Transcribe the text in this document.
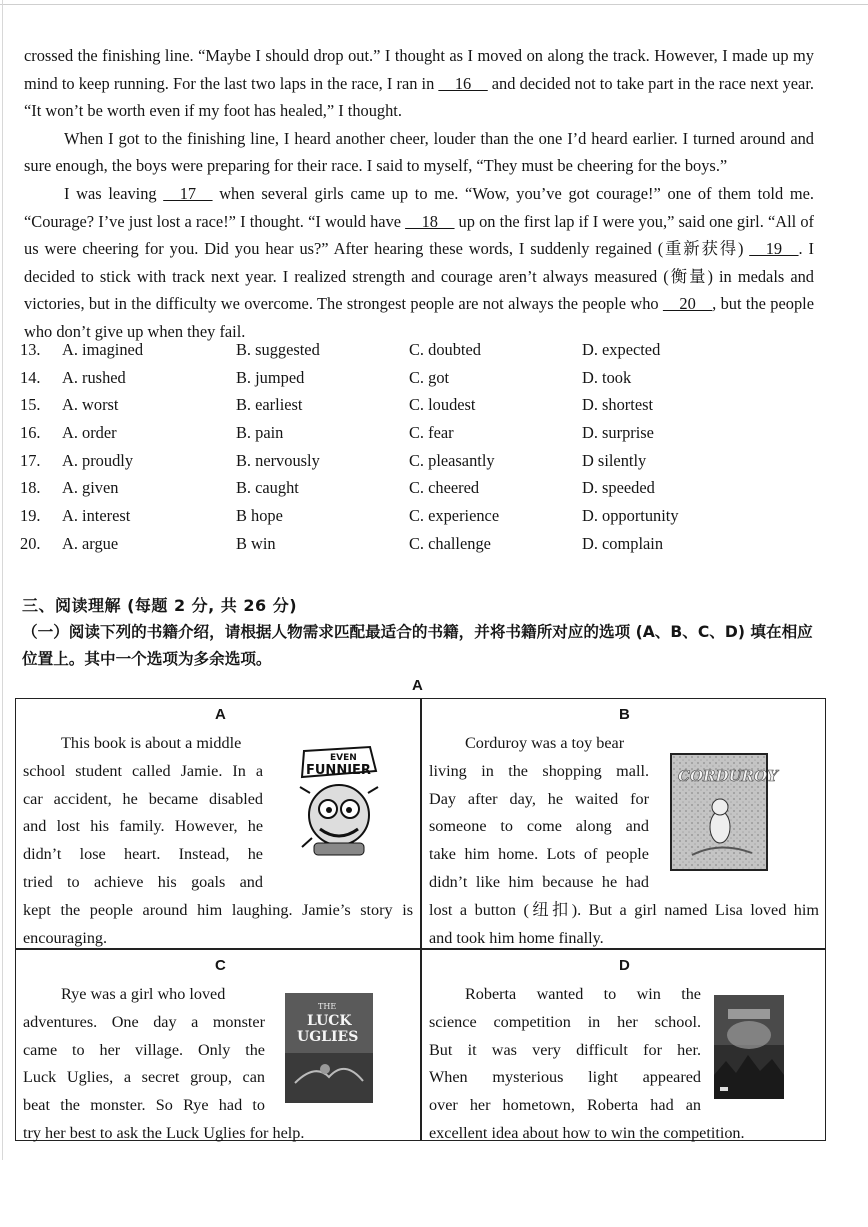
crossed the finishing line. “Maybe I should drop out.” I thought as I moved on along the track. However, I made up my mind to keep running. For the last two laps in the race, I ran in __16__ and decided not to take part in the race next year. “It won’t be worth even if my foot has healed,” I thought.

When I got to the finishing line, I heard another cheer, louder than the one I’d heard earlier. I turned around and sure enough, the boys were preparing for their race. I said to myself, “They must be cheering for the boys.”

I was leaving __17__ when several girls came up to me. “Wow, you’ve got courage!” one of them told me. “Courage? I’ve just lost a race!” I thought. “I would have __18__ up on the first lap if I were you,” said one girl. “All of us were cheering for you. Did you hear us?” After hearing these words, I suddenly regained (重新获得) __19__. I decided to stick with track next year. I realized strength and courage aren’t always measured (衡量) in medals and victories, but in the difficulty we overcome. The strongest people are not always the people who __20__, but the people who don’t give up when they fail.

13. A. imagined	B. suggested	C. doubted	D. expected
14. A. rushed	B. jumped	C. got	D. took
15. A. worst	B. earliest	C. loudest	D. shortest
16. A. order	B. pain	C. fear	D. surprise
17. A. proudly	B. nervously	C. pleasantly	D silently
18. A. given	B. caught	C. cheered	D. speeded
19. A. interest	B hope	C. experience	D. opportunity
20. A. argue	B win	C. challenge	D. complain
三、阅读理解 (每题 2 分, 共 26 分)
（一）阅读下列的书籍介绍，请根据人物需求匹配最适合的书籍，并将书籍所对应的选项 (A、B、C、D) 填在相应位置上。其中一个选项为多余选项。
A
A

This book is about a middle

school student called Jamie. In a

car accident, he became disabled

and lost his family. However, he

didn’t lose heart. Instead, he

tried to achieve his goals and

kept the people around him laughing. Jamie’s story is

encouraging.

EVEN
FUNNIER
B

Corduroy was a toy bear

living in the shopping mall.

Day after day, he waited for

someone to come along and

take him home. Lots of people

didn’t like him because he had

lost a button (纽扣). But a girl named Lisa loved him

and took him home finally.

CORDUROY
C

Rye was a girl who loved

adventures. One day a monster

came to her village. Only the

Luck Uglies, a secret group, can

beat the monster. So Rye had to

try her best to ask the Luck Uglies for help.

THE
LUCK
UGLIES
D

Roberta wanted to win the

science competition in her school.

But it was very difficult for her.

When mysterious light appeared

over her hometown, Roberta had an

excellent idea about how to win the competition.
